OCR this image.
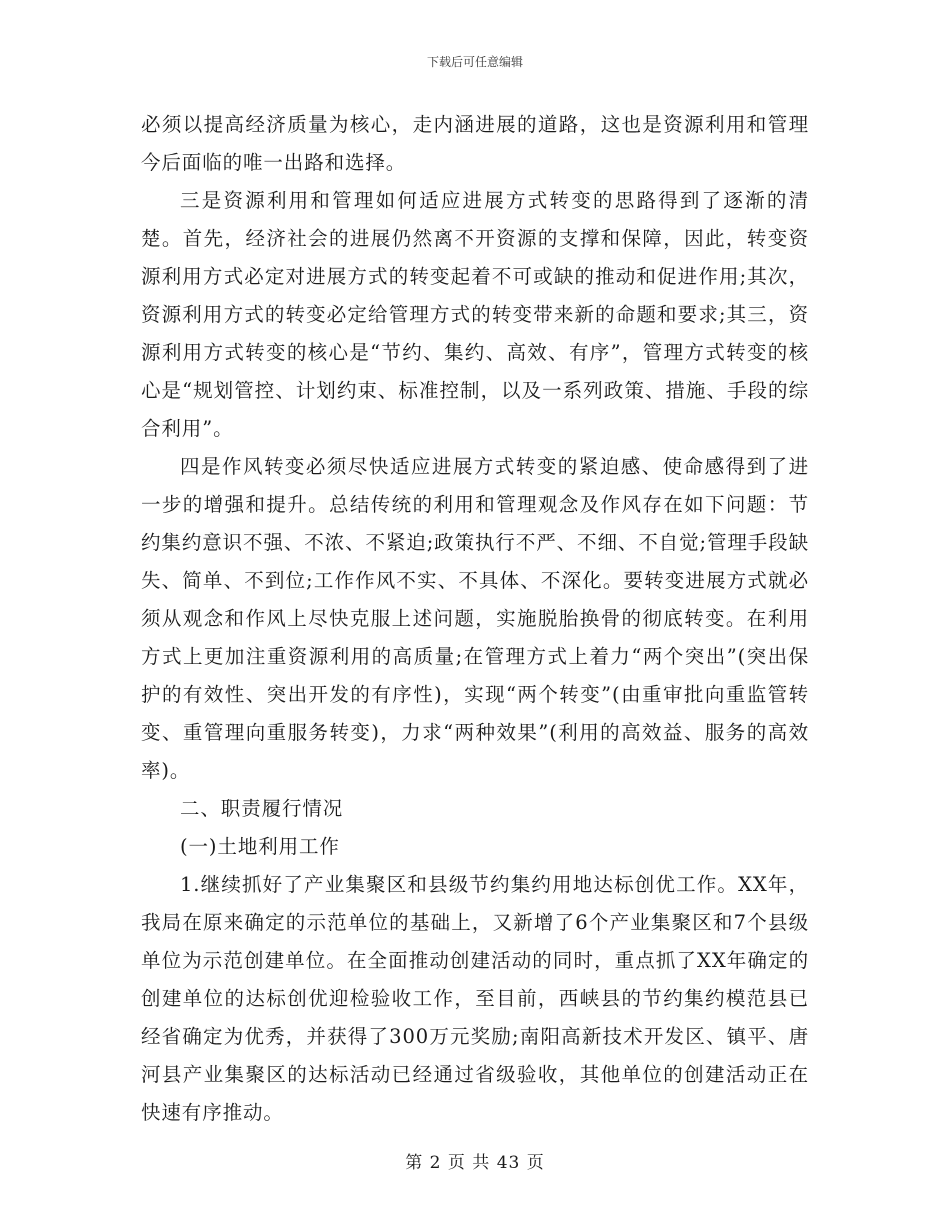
下载后可任意编辑

必须以提高经济质量为核心，走内涵进展的道路，这也是资源利用和管理今后面临的唯一出路和选择。

三是资源利用和管理如何适应进展方式转变的思路得到了逐渐的清楚。首先，经济社会的进展仍然离不开资源的支撑和保障，因此，转变资源利用方式必定对进展方式的转变起着不可或缺的推动和促进作用;其次，资源利用方式的转变必定给管理方式的转变带来新的命题和要求;其三，资源利用方式转变的核心是“节约、集约、高效、有序”，管理方式转变的核心是“规划管控、计划约束、标准控制，以及一系列政策、措施、手段的综合利用”。

四是作风转变必须尽快适应进展方式转变的紧迫感、使命感得到了进一步的增强和提升。总结传统的利用和管理观念及作风存在如下问题：节约集约意识不强、不浓、不紧迫;政策执行不严、不细、不自觉;管理手段缺失、简单、不到位;工作作风不实、不具体、不深化。要转变进展方式就必须从观念和作风上尽快克服上述问题，实施脱胎换骨的彻底转变。在利用方式上更加注重资源利用的高质量;在管理方式上着力“两个突出”(突出保护的有效性、突出开发的有序性)，实现“两个转变”(由重审批向重监管转变、重管理向重服务转变)，力求“两种效果”(利用的高效益、服务的高效率)。

二、职责履行情况

(一)土地利用工作

1.继续抓好了产业集聚区和县级节约集约用地达标创优工作。XX年，我局在原来确定的示范单位的基础上，又新增了6个产业集聚区和7个县级单位为示范创建单位。在全面推动创建活动的同时，重点抓了XX年确定的创建单位的达标创优迎检验收工作，至目前，西峡县的节约集约模范县已经省确定为优秀，并获得了300万元奖励;南阳高新技术开发区、镇平、唐河县产业集聚区的达标活动已经通过省级验收，其他单位的创建活动正在快速有序推动。

第 2 页 共 43 页
